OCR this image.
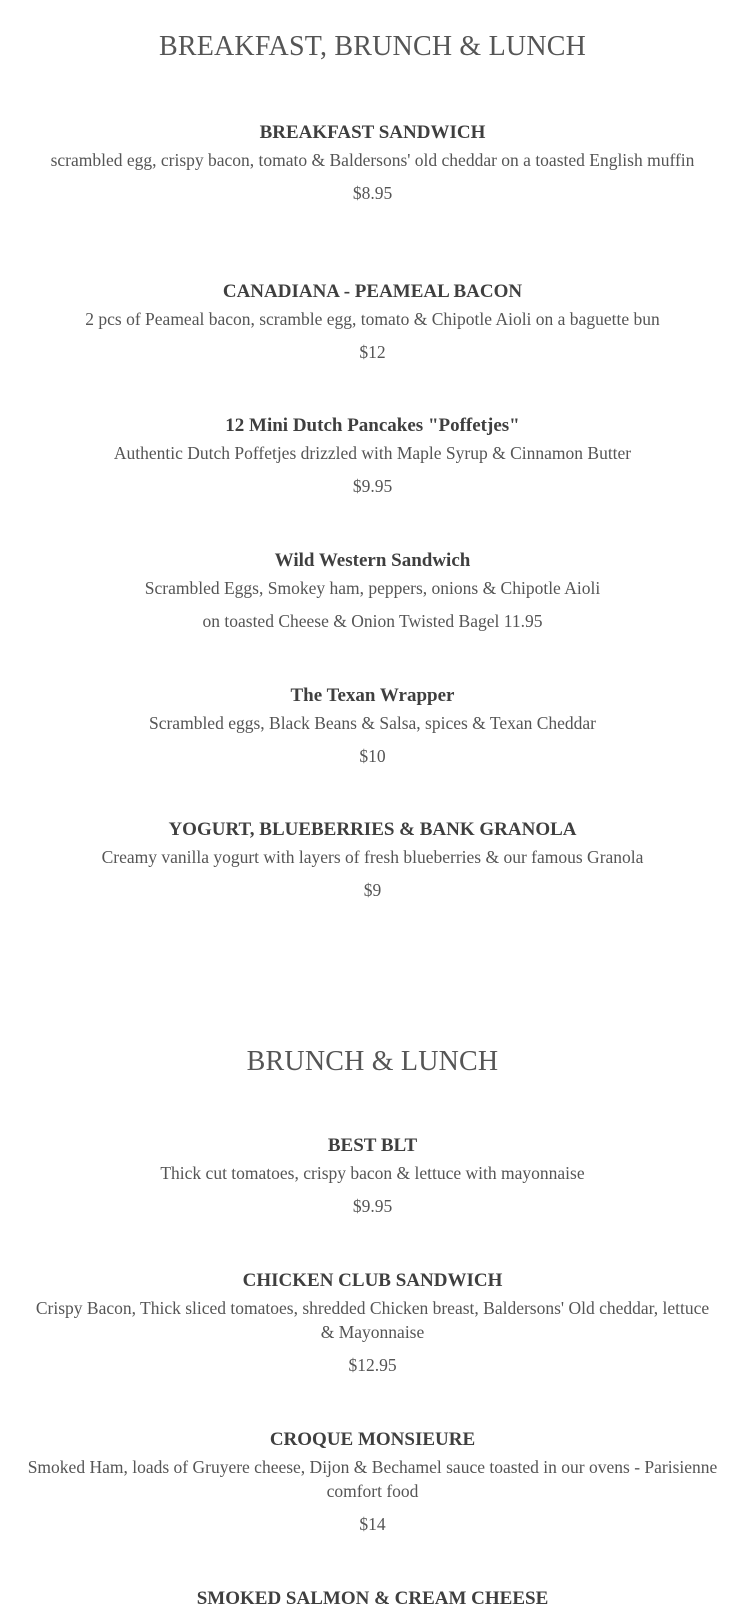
BREAKFAST, BRUNCH & LUNCH

BREAKFAST SANDWICH

scrambled egg, crispy bacon, tomato & Baldersons' old cheddar on a toasted English muffin

$8.95

CANADIANA - PEAMEAL BACON

2 pcs of Peameal bacon, scramble egg, tomato & Chipotle Aioli on a baguette bun

$12

12 Mini Dutch Pancakes "Poffetjes"

Authentic Dutch Poffetjes drizzled with Maple Syrup & Cinnamon Butter

$9.95

Wild Western Sandwich

Scrambled Eggs, Smokey ham, peppers, onions & Chipotle Aioli

on toasted Cheese & Onion Twisted Bagel 11.95

The Texan Wrapper

Scrambled eggs, Black Beans & Salsa, spices & Texan Cheddar

$10

YOGURT, BLUEBERRIES & BANK GRANOLA

Creamy vanilla yogurt with layers of fresh blueberries & our famous Granola

$9

BRUNCH & LUNCH

BEST BLT

Thick cut tomatoes, crispy bacon & lettuce with mayonnaise

$9.95

CHICKEN CLUB SANDWICH

Crispy Bacon, Thick sliced tomatoes, shredded Chicken breast, Baldersons' Old cheddar, lettuce & Mayonnaise

$12.95

CROQUE MONSIEURE

Smoked Ham, loads of Gruyere cheese, Dijon & Bechamel sauce toasted in our ovens - Parisienne comfort food

$14

SMOKED SALMON & CREAM CHEESE
